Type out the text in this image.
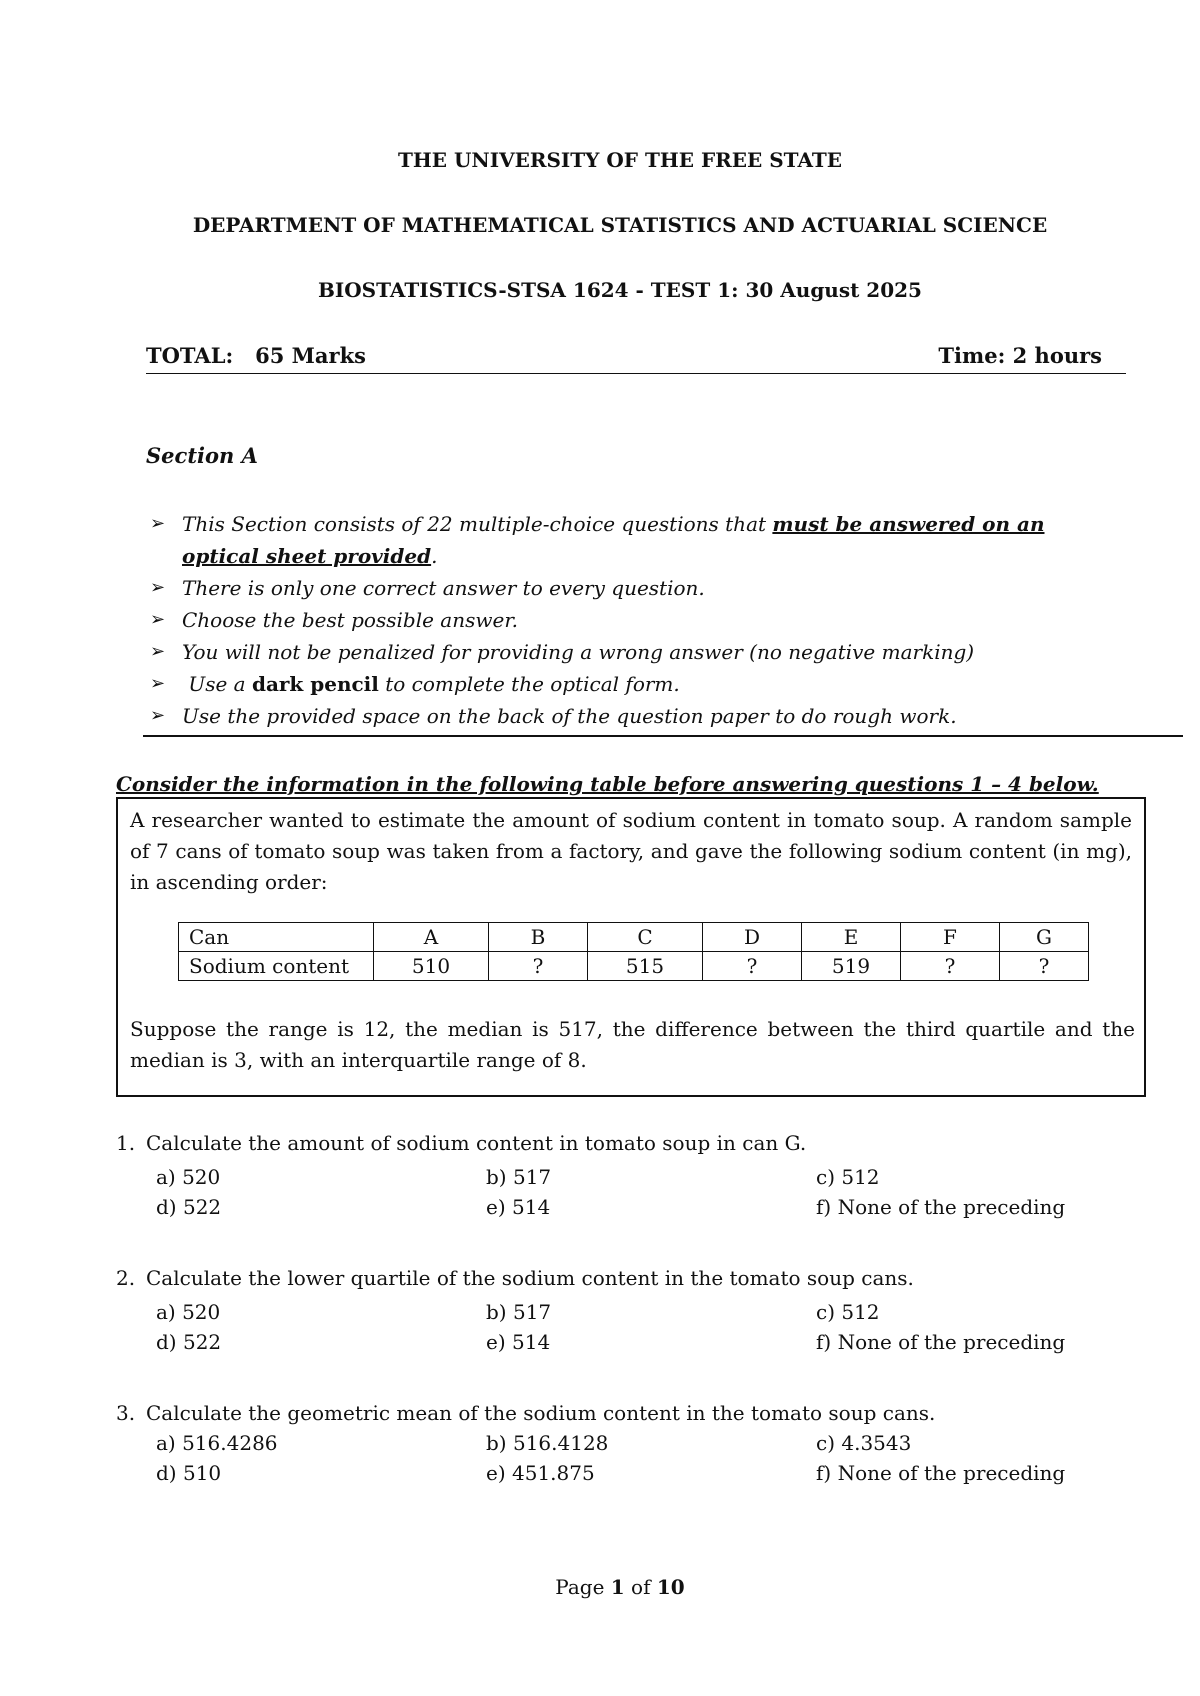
THE UNIVERSITY OF THE FREE STATE
DEPARTMENT OF MATHEMATICAL STATISTICS AND ACTUARIAL SCIENCE
BIOSTATISTICS-STSA 1624 - TEST 1: 30 August 2025
TOTAL:   65 Marks	Time: 2 hours
Section A
➢ This Section consists of 22 multiple-choice questions that must be answered on an optical sheet provided.
➢ There is only one correct answer to every question.
➢ Choose the best possible answer.
➢ You will not be penalized for providing a wrong answer (no negative marking)
➢ Use a dark pencil to complete the optical form.
➢ Use the provided space on the back of the question paper to do rough work.
Consider the information in the following table before answering questions 1 – 4 below.

A researcher wanted to estimate the amount of sodium content in tomato soup. A random sample of 7 cans of tomato soup was taken from a factory, and gave the following sodium content (in mg), in ascending order:

Can	A	B	C	D	E	F	G
Sodium content	510	?	515	?	519	?	?

Suppose the range is 12, the median is 517, the difference between the third quartile and the median is 3, with an interquartile range of 8.

1. Calculate the amount of sodium content in tomato soup in can G.
a) 520	b) 517	c) 512
d) 522	e) 514	f) None of the preceding
2. Calculate the lower quartile of the sodium content in the tomato soup cans.
a) 520	b) 517	c) 512
d) 522	e) 514	f) None of the preceding
3. Calculate the geometric mean of the sodium content in the tomato soup cans.
a) 516.4286	b) 516.4128	c) 4.3543
d) 510	e) 451.875	f) None of the preceding
Page 1 of 10
